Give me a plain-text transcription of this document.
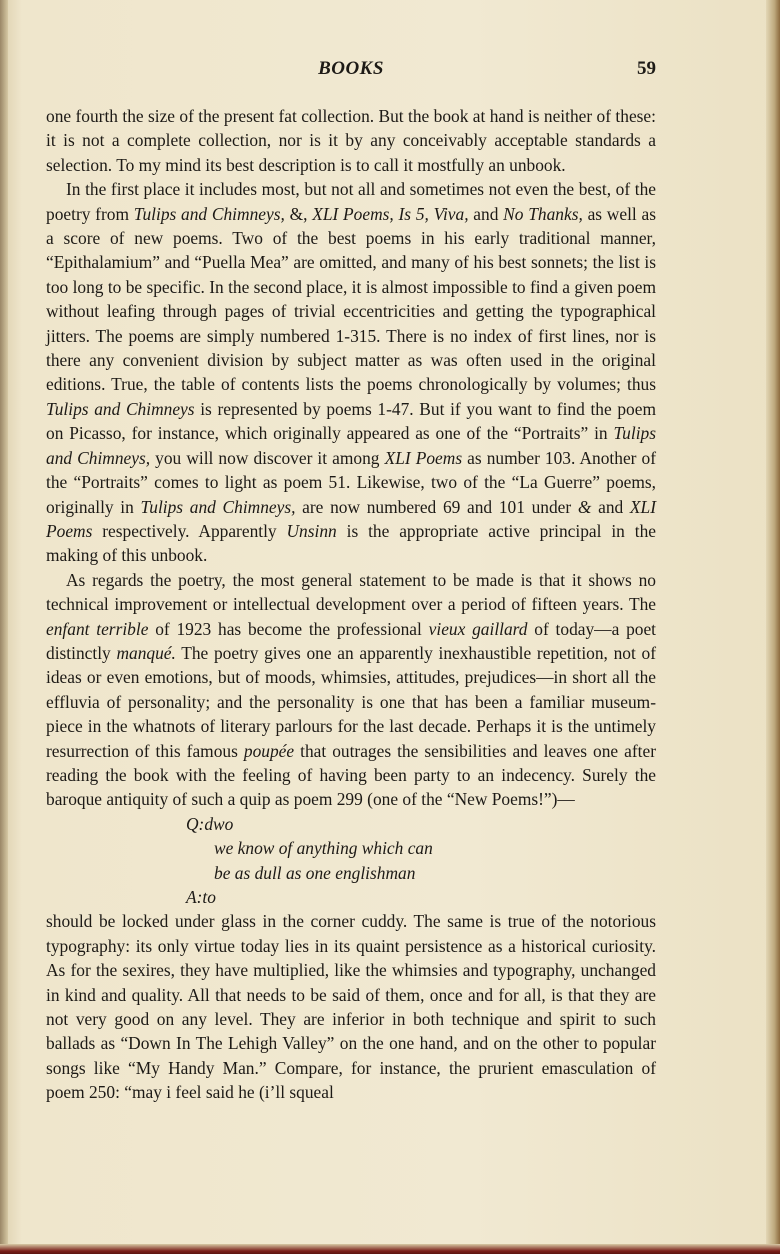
BOOKS	59

one fourth the size of the present fat collection. But the book at hand is neither of these: it is not a complete collection, nor is it by any conceivably acceptable standards a selection. To my mind its best description is to call it mostfully an unbook.

In the first place it includes most, but not all and sometimes not even the best, of the poetry from Tulips and Chimneys, &, XLI Poems, Is 5, Viva, and No Thanks, as well as a score of new poems. Two of the best poems in his early traditional manner, “Epithalamium” and “Puella Mea” are omitted, and many of his best sonnets; the list is too long to be specific. In the second place, it is almost impossible to find a given poem without leafing through pages of trivial eccentricities and getting the typographical jitters. The poems are simply numbered 1-315. There is no index of first lines, nor is there any convenient division by subject matter as was often used in the original editions. True, the table of contents lists the poems chronologically by volumes; thus Tulips and Chimneys is represented by poems 1-47. But if you want to find the poem on Picasso, for instance, which originally appeared as one of the “Portraits” in Tulips and Chimneys, you will now discover it among XLI Poems as number 103. Another of the “Portraits” comes to light as poem 51. Likewise, two of the “La Guerre” poems, originally in Tulips and Chimneys, are now numbered 69 and 101 under & and XLI Poems respectively. Apparently Unsinn is the appropriate active principal in the making of this unbook.

As regards the poetry, the most general statement to be made is that it shows no technical improvement or intellectual development over a period of fifteen years. The enfant terrible of 1923 has become the professional vieux gaillard of today—a poet distinctly manqué. The poetry gives one an apparently inexhaustible repetition, not of ideas or even emotions, but of moods, whimsies, attitudes, prejudices—in short all the effluvia of personality; and the personality is one that has been a familiar museum-piece in the whatnots of literary parlours for the last decade. Perhaps it is the untimely resurrection of this famous poupée that outrages the sensibilities and leaves one after reading the book with the feeling of having been party to an indecency. Surely the baroque antiquity of such a quip as poem 299 (one of the “New Poems!”)—

Q:dwo
we know of anything which can
be as dull as one englishman
A:to

should be locked under glass in the corner cuddy. The same is true of the notorious typography: its only virtue today lies in its quaint persistence as a historical curiosity. As for the sexires, they have multiplied, like the whimsies and typography, unchanged in kind and quality. All that needs to be said of them, once and for all, is that they are not very good on any level. They are inferior in both technique and spirit to such ballads as “Down In The Lehigh Valley” on the one hand, and on the other to popular songs like “My Handy Man.” Compare, for instance, the prurient emasculation of poem 250: “may i feel said he (i’ll squeal
